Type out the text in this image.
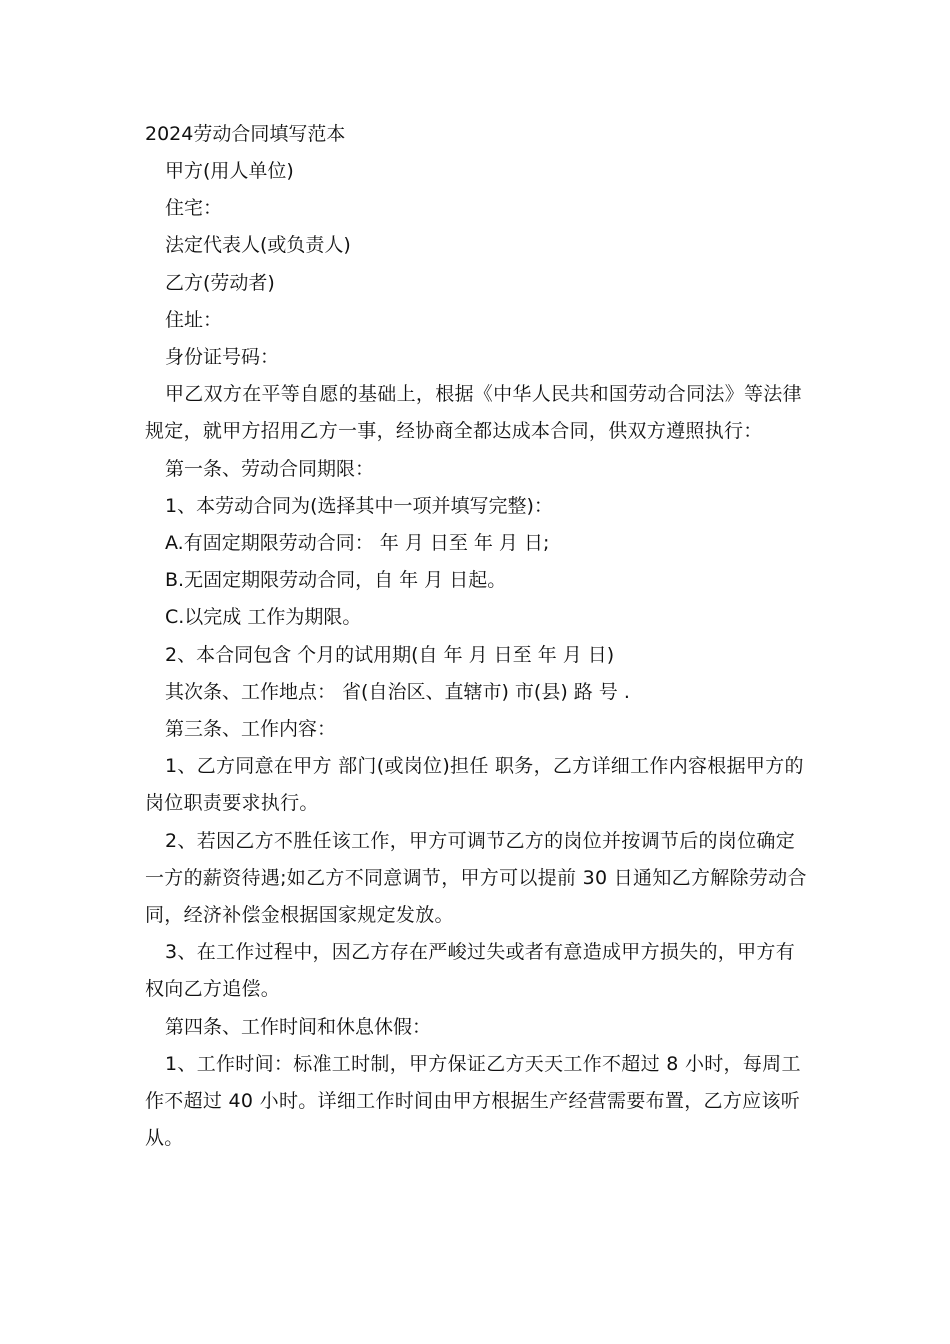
2024劳动合同填写范本

甲方(用人单位)

住宅：

法定代表人(或负责人)

乙方(劳动者)

住址：

身份证号码：

甲乙双方在平等自愿的基础上，根据《中华人民共和国劳动合同法》等法律规定，就甲方招用乙方一事，经协商全都达成本合同，供双方遵照执行：

第一条、劳动合同期限：

1、本劳动合同为(选择其中一项并填写完整)：

A.有固定期限劳动合同： 年 月 日至 年 月 日;

B.无固定期限劳动合同，自 年 月 日起。

C.以完成 工作为期限。

2、本合同包含 个月的试用期(自 年 月 日至 年 月 日)

其次条、工作地点： 省(自治区、直辖市) 市(县) 路 号 .

第三条、工作内容：

1、乙方同意在甲方 部门(或岗位)担任 职务，乙方详细工作内容根据甲方的岗位职责要求执行。

2、若因乙方不胜任该工作，甲方可调节乙方的岗位并按调节后的岗位确定一方的薪资待遇;如乙方不同意调节，甲方可以提前 30 日通知乙方解除劳动合同，经济补偿金根据国家规定发放。

3、在工作过程中，因乙方存在严峻过失或者有意造成甲方损失的，甲方有权向乙方追偿。

第四条、工作时间和休息休假：

1、工作时间：标准工时制，甲方保证乙方天天工作不超过 8 小时，每周工作不超过 40 小时。详细工作时间由甲方根据生产经营需要布置，乙方应该听从。
